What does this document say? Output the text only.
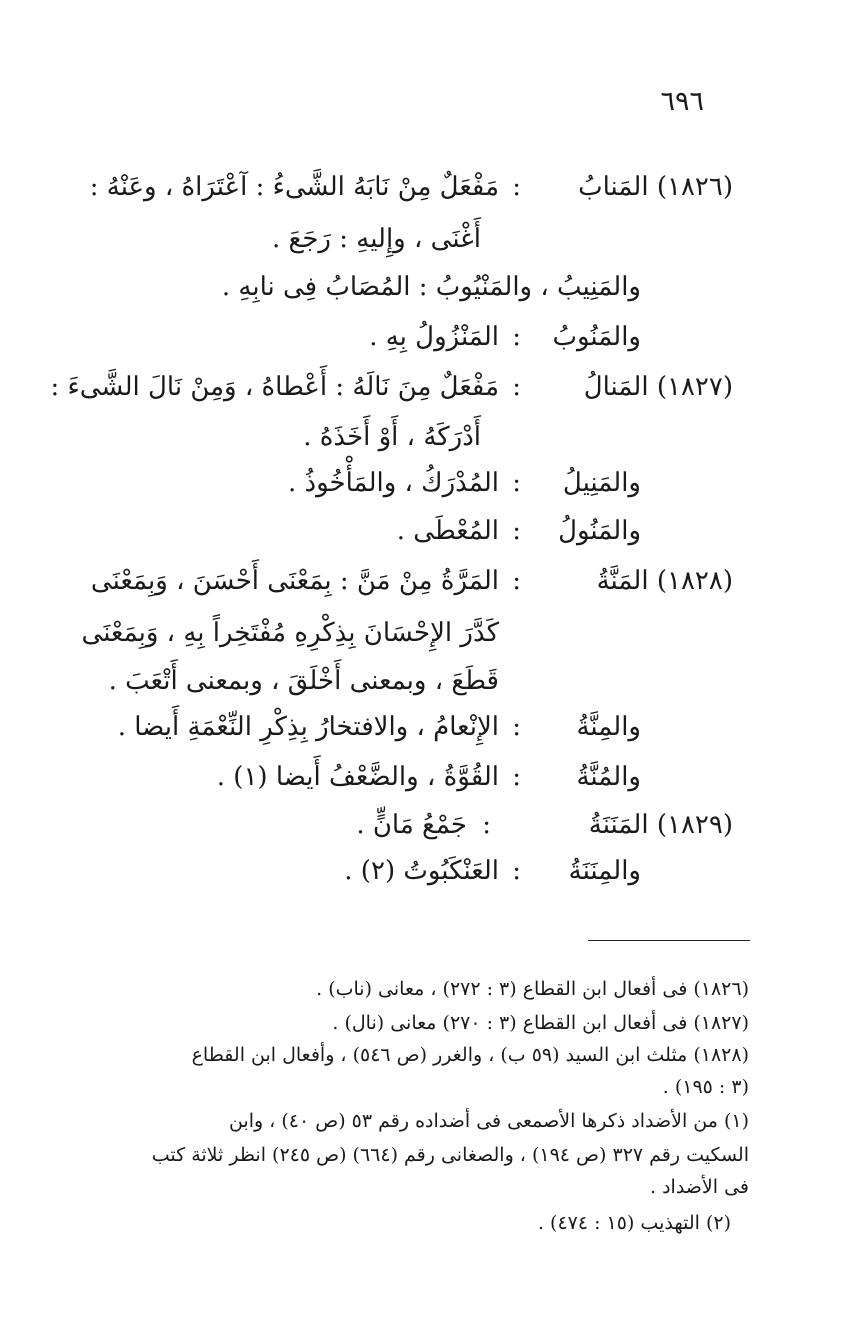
٦٩٦
(١٨٢٦) المَنابُ
:
مَفْعَلٌ مِنْ نَابَهُ الشَّىءُ : آعْتَرَاهُ ، وعَنْهُ :
أَغْنَى ، وإِليهِ : رَجَعَ .
والمَنِيبُ ، والمَنْيُوبُ : المُصَابُ فِى نابِهِ .
والمَنُوبُ
:
المَنْزُولُ بِهِ .
(١٨٢٧) المَنالُ
:
مَفْعَلٌ مِنَ نَالَهُ : أَعْطاهُ ، وَمِنْ نَالَ الشَّىءَ :
أَدْرَكَهُ ، أَوْ أَخَذَهُ .
والمَنِيلُ
:
المُدْرَكُ ، والمَأْخُوذُ .
والمَنُولُ
:
المُعْطَى .
(١٨٢٨) المَنَّةُ
:
المَرَّةُ مِنْ مَنَّ : بِمَعْنَى أَحْسَنَ ، وَبِمَعْنَى
كَدَّرَ الإِحْسَانَ بِذِكْرِهِ مُفْتَخِراً بِهِ ، وَبِمَعْنَى
قَطَعَ ، وبمعنى أَخْلَقَ ، وبمعنى أَتْعَبَ .
والمِنَّةُ
:
الإِنْعامُ ، والافتخارُ بِذِكْرِ النِّعْمَةِ أَيضا .
والمُنَّةُ
:
القُوَّةُ ، والضَّعْفُ أَيضا (١) .
(١٨٢٩) المَنَنَةُ
:
جَمْعُ مَانٍّ .
والمِنَنَةُ
:
العَنْكَبُوتُ (٢) .
(١٨٢٦) فى أفعال ابن القطاع (٣ : ٢٧٢) ، معانى (ناب) .
(١٨٢٧) فى أفعال ابن القطاع (٣ : ٢٧٠) معانى (نال) .
(١٨٢٨) مثلث ابن السيد (٥٩ ب) ، والغرر (ص ٥٤٦) ، وأفعال ابن القطاع
(٣ : ١٩٥) .
(١) من الأضداد ذكرها الأصمعى فى أضداده رقم ٥٣ (ص ٤٠) ، وابن
السكيت رقم ٣٢٧ (ص ١٩٤) ، والصغانى رقم (٦٦٤) (ص ٢٤٥) انظر ثلاثة كتب
فى الأضداد .
(٢) التهذيب (١٥ : ٤٧٤) .
